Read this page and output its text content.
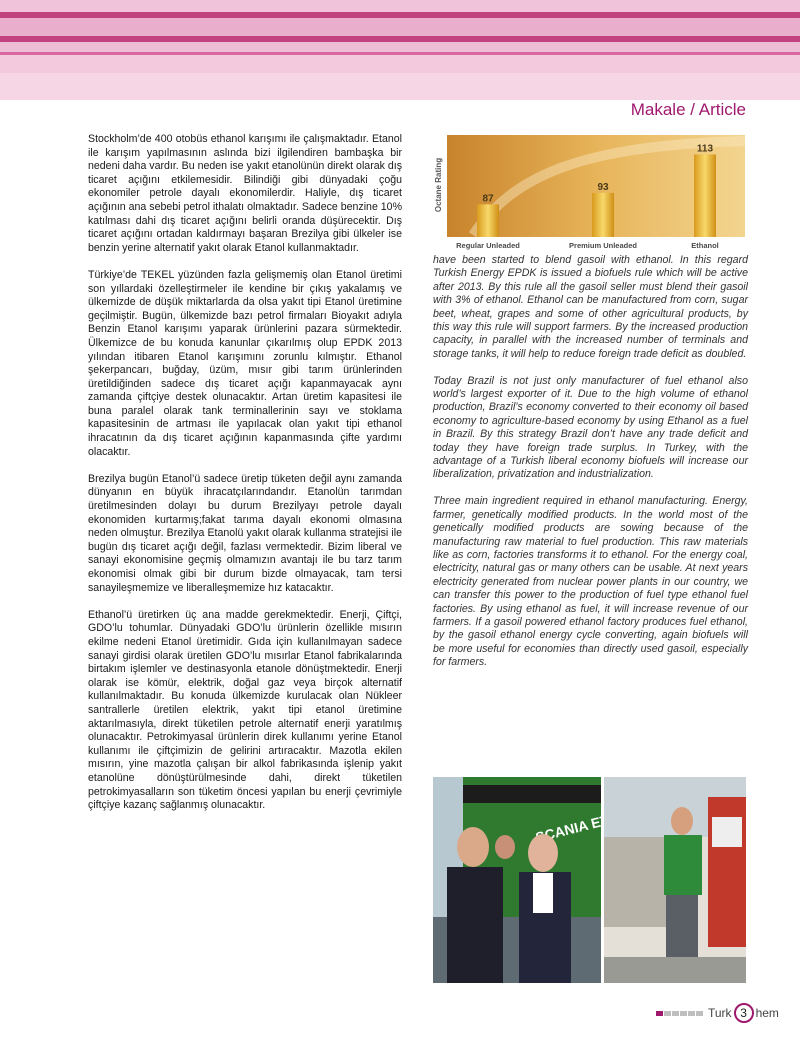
Makale / Article

Stockholm’de 400 otobüs ethanol karışımı ile çalışmaktadır. Etanol ile karışım yapılmasının aslında bizi ilgilendiren bambaşka bir nedeni daha vardır. Bu neden ise yakıt etanolünün direkt olarak dış ticaret açığını etkilemesidir. Bilindiği gibi dünyadaki çoğu ekonomiler petrole dayalı ekonomilerdir. Haliyle, dış ticaret açığının ana sebebi petrol ithalatı olmaktadır. Sadece benzine 10% katılması dahi dış ticaret açığını belirli oranda düşürecektir. Dış ticaret açığını ortadan kaldırmayı başaran Brezilya gibi ülkeler ise benzin yerine alternatif yakıt olarak Etanol kullanmaktadır.

Türkiye’de TEKEL yüzünden fazla gelişmemiş olan Etanol üretimi son yıllardaki özelleştirmeler ile kendine bir çıkış yakalamış ve ülkemizde de düşük miktarlarda da olsa yakıt tipi Etanol üretimine geçilmiştir. Bugün, ülkemizde bazı petrol firmaları Bioyakıt adıyla Benzin Etanol karışımı yaparak ürünlerini pazara sürmektedir. Ülkemizce de bu konuda kanunlar çıkarılmış olup EPDK 2013 yılından itibaren Etanol karışımını zorunlu kılmıştır. Ethanol şekerpancarı, buğday, üzüm, mısır gibi tarım ürünlerinden üretildiğinden sadece dış ticaret açığı kapanmayacak aynı zamanda çiftçiye destek olunacaktır. Artan üretim kapasitesi ile buna paralel olarak tank terminallerinin sayı ve stoklama kapasitesinin de artması ile yapılacak olan yakıt tipi ethanol ihracatının da dış ticaret açığının kapanmasında çifte yardımı olacaktır.

Brezilya bugün Etanol’ü sadece üretip tüketen değil aynı zamanda dünyanın en büyük ihracatçılarındandır. Etanolün tarımdan üretilmesinden dolayı bu durum Brezilyayı petrole dayalı ekonomiden kurtarmış;fakat tarıma dayalı ekonomi olmasına neden olmuştur. Brezilya Etanolü yakıt olarak kullanma stratejisi ile bugün dış ticaret açığı değil, fazlası vermektedir. Bizim liberal ve sanayi ekonomisine geçmiş olmamızın avantajı ile bu tarz tarım ekonomisi olmak gibi bir durum bizde olmayacak, tam tersi sanayileşmemize ve liberalleşmemize hız katacaktır.

Ethanol’ü üretirken üç ana madde gerekmektedir. Enerji, Çiftçi, GDO’lu tohumlar. Dünyadaki GDO’lu ürünlerin özellikle mısırın ekilme nedeni Etanol üretimidir. Gıda için kullanılmayan sadece sanayi girdisi olarak üretilen GDO’lu mısırlar Etanol fabrikalarında birtakım işlemler ve destinasyonla etanole dönüştmektedir. Enerji olarak ise kömür, elektrik, doğal gaz veya birçok alternatif kullanılmaktadır. Bu konuda ülkemizde kurulacak olan Nükleer santrallerle üretilen elektrik, yakıt tipi etanol üretimine aktarılmasıyla, direkt tüketilen petrole alternatif enerji yaratılmış olunacaktır. Petrokimyasal ürünlerin direk kullanımı yerine Etanol kullanımı ile çiftçimizin de gelirini artıracaktır. Mazotla ekilen mısırın, yine mazotla çalışan bir alkol fabrikasında işlenip yakıt etanolüne dönüştürülmesinde dahi, direkt tüketilen petrokimyasalların son tüketim öncesi yapılan bu enerji çevrimiyle çiftçiye kazanç sağlanmış olunacaktır.

Octane Rating	87
Regular Unleaded
93
Premium Unleaded
113
Ethanol

have been started to blend gasoil with ethanol. In this regard Turkish Energy EPDK is issued a biofuels rule which will be active after 2013. By this rule all the gasoil seller must blend their gasoil with 3% of ethanol. Ethanol can be manufactured from corn, sugar beet, wheat, grapes and some of other agricultural products, by this way this rule will support farmers. By the increased production capacity, in parallel with the increased number of terminals and storage tanks, it will help to reduce foreign trade deficit as doubled.

Today Brazil is not just only manufacturer of fuel ethanol also world’s largest exporter of it. Due to the high volume of ethanol production, Brazil’s economy converted to their economy oil based economy to agriculture-based economy by using Ethanol as a fuel in Brazil. By this strategy Brazil don’t have any trade deficit and today they have foreign trade surplus. In Turkey, with the advantage of a Turkish liberal economy biofuels will increase our liberalization, privatization and industrialization.

Three main ingredient required in ethanol manufacturing. Energy, farmer, genetically modified products. In the world most of the genetically modified products are sowing because of the manufacturing raw material to fuel production. This raw materials like as corn, factories transforms it to ethanol. For the energy coal, electricity, natural gas or many others can be usable. At next years electricity generated from nuclear power plants in our country, we can transfer this power to the production of fuel type ethanol fuel factories. By using ethanol as fuel, it will increase revenue of our farmers. If a gasoil powered ethanol factory produces fuel ethanol, by the gasoil ethanol energy cycle converting, again biofuels will be more useful for economies than directly used gasoil, especially for farmers.

SCANIA
Turk 3 hem
